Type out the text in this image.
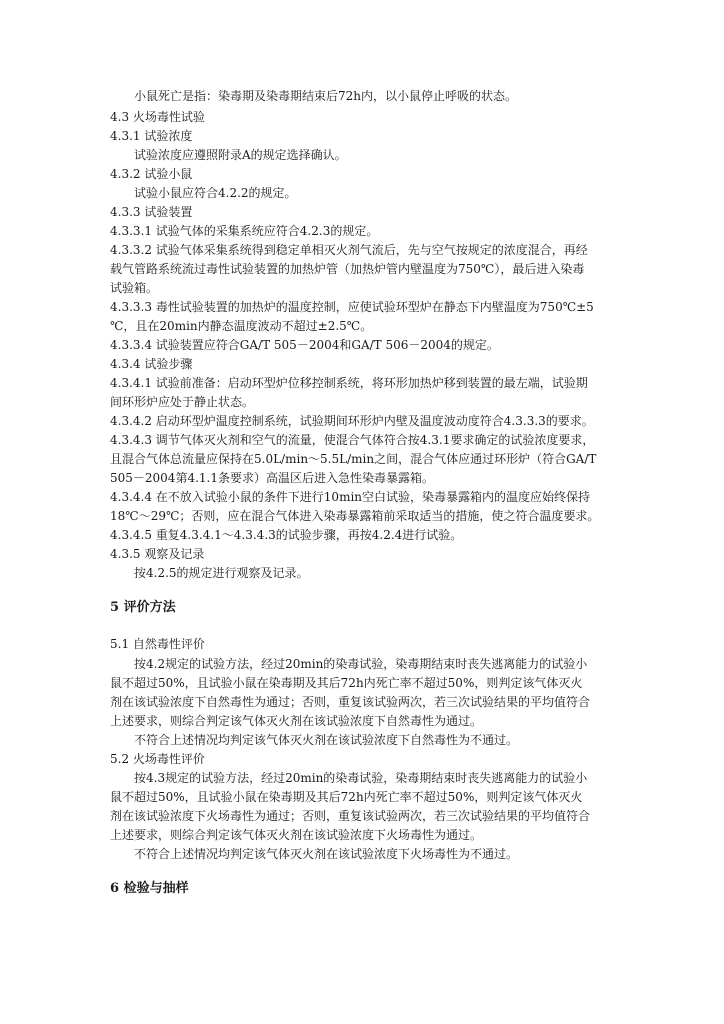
小鼠死亡是指：染毒期及染毒期结束后72h内，以小鼠停止呼吸的状态。

4.3 火场毒性试验

4.3.1 试验浓度

试验浓度应遵照附录A的规定选择确认。

4.3.2 试验小鼠

试验小鼠应符合4.2.2的规定。

4.3.3 试验装置

4.3.3.1 试验气体的采集系统应符合4.2.3的规定。

4.3.3.2 试验气体采集系统得到稳定单相灭火剂气流后，先与空气按规定的浓度混合，再经

载气管路系统流过毒性试验装置的加热炉管（加热炉管内壁温度为750℃），最后进入染毒

试验箱。

4.3.3.3 毒性试验装置的加热炉的温度控制，应使试验环型炉在静态下内壁温度为750℃±5

℃，且在20min内静态温度波动不超过±2.5℃。

4.3.3.4 试验装置应符合GA/T 505－2004和GA/T 506－2004的规定。

4.3.4 试验步骤

4.3.4.1 试验前准备：启动环型炉位移控制系统，将环形加热炉移到装置的最左端，试验期

间环形炉应处于静止状态。

4.3.4.2 启动环型炉温度控制系统，试验期间环形炉内壁及温度波动度符合4.3.3.3的要求。

4.3.4.3 调节气体灭火剂和空气的流量，使混合气体符合按4.3.1要求确定的试验浓度要求，

且混合气体总流量应保持在5.0L/min～5.5L/min之间，混合气体应通过环形炉（符合GA/T

505－2004第4.1.1条要求）高温区后进入急性染毒暴露箱。

4.3.4.4 在不放入试验小鼠的条件下进行10min空白试验，染毒暴露箱内的温度应始终保持

18℃～29℃；否则，应在混合气体进入染毒暴露箱前采取适当的措施，使之符合温度要求。

4.3.4.5 重复4.3.4.1～4.3.4.3的试验步骤，再按4.2.4进行试验。

4.3.5 观察及记录

按4.2.5的规定进行观察及记录。

5 评价方法

5.1 自然毒性评价

按4.2规定的试验方法，经过20min的染毒试验，染毒期结束时丧失逃离能力的试验小

鼠不超过50%，且试验小鼠在染毒期及其后72h内死亡率不超过50%，则判定该气体灭火

剂在该试验浓度下自然毒性为通过；否则，重复该试验两次，若三次试验结果的平均值符合

上述要求，则综合判定该气体灭火剂在该试验浓度下自然毒性为通过。

不符合上述情况均判定该气体灭火剂在该试验浓度下自然毒性为不通过。

5.2 火场毒性评价

按4.3规定的试验方法，经过20min的染毒试验，染毒期结束时丧失逃离能力的试验小

鼠不超过50%，且试验小鼠在染毒期及其后72h内死亡率不超过50%，则判定该气体灭火

剂在该试验浓度下火场毒性为通过；否则，重复该试验两次，若三次试验结果的平均值符合

上述要求，则综合判定该气体灭火剂在该试验浓度下火场毒性为通过。

不符合上述情况均判定该气体灭火剂在该试验浓度下火场毒性为不通过。

6 检验与抽样
